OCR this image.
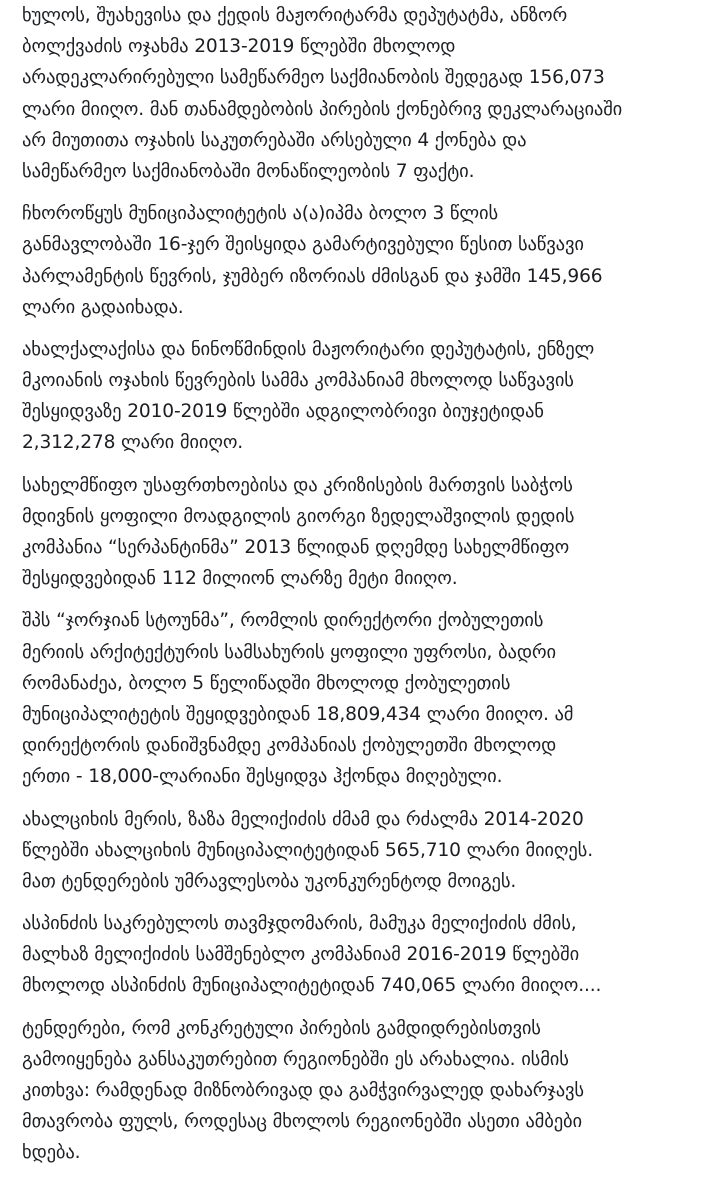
ხულოს, შუახევისა და ქედის მაჟორიტარმა დეპუტატმა, ანზორ
ბოლქვაძის ოჯახმა 2013-2019 წლებში მხოლოდ
არადეკლარირებული სამეწარმეო საქმიანობის შედეგად 156,073
ლარი მიიღო. მან თანამდებობის პირების ქონებრივ დეკლარაციაში
არ მიუთითა ოჯახის საკუთრებაში არსებული 4 ქონება და
სამეწარმეო საქმიანობაში მონაწილეობის 7 ფაქტი.

ჩხოროწყუს მუნიციპალიტეტის ა(ა)იპმა ბოლო 3 წლის
განმავლობაში 16-ჯერ შეისყიდა გამარტივებული წესით საწვავი
პარლამენტის წევრის, ჯუმბერ იზორიას ძმისგან და ჯამში 145,966
ლარი გადაიხადა.

ახალქალაქისა და ნინოწმინდის მაჟორიტარი დეპუტატის, ენზელ
მკოიანის ოჯახის წევრების სამმა კომპანიამ მხოლოდ საწვავის
შესყიდვაზე 2010-2019 წლებში ადგილობრივი ბიუჯეტიდან
2,312,278 ლარი მიიღო.

სახელმწიფო უსაფრთხოებისა და კრიზისების მართვის საბჭოს
მდივნის ყოფილი მოადგილის გიორგი ზედელაშვილის დედის
კომპანია “სერპანტინმა” 2013 წლიდან დღემდე სახელმწიფო
შესყიდვებიდან 112 მილიონ ლარზე მეტი მიიღო.

შპს “ჯორჯიან სტოუნმა”, რომლის დირექტორი ქობულეთის
მერიის არქიტექტურის სამსახურის ყოფილი უფროსი, ბადრი
რომანაძეა, ბოლო 5 წელიწადში მხოლოდ ქობულეთის
მუნიციპალიტეტის შეყიდვებიდან 18,809,434 ლარი მიიღო. ამ
დირექტორის დანიშვნამდე კომპანიას ქობულეთში მხოლოდ
ერთი - 18,000-ლარიანი შესყიდვა ჰქონდა მიღებული.

ახალციხის მერის, ზაზა მელიქიძის ძმამ და რძალმა 2014-2020
წლებში ახალციხის მუნიციპალიტეტიდან 565,710 ლარი მიიღეს.
მათ ტენდერების უმრავლესობა უკონკურენტოდ მოიგეს.

ასპინძის საკრებულოს თავმჯდომარის, მამუკა მელიქიძის ძმის,
მალხაზ მელიქიძის სამშენებლო კომპანიამ 2016-2019 წლებში
მხოლოდ ასპინძის მუნიციპალიტეტიდან 740,065 ლარი მიიღო....

ტენდერები, რომ კონკრეტული პირების გამდიდრებისთვის
გამოიყენება განსაკუთრებით რეგიონებში ეს არახალია. ისმის
კითხვა: რამდენად მიზნობრივად და გამჭვირვალედ დახარჯავს
მთავრობა ფულს, როდესაც მხოლოს რეგიონებში ასეთი ამბები
ხდება.
